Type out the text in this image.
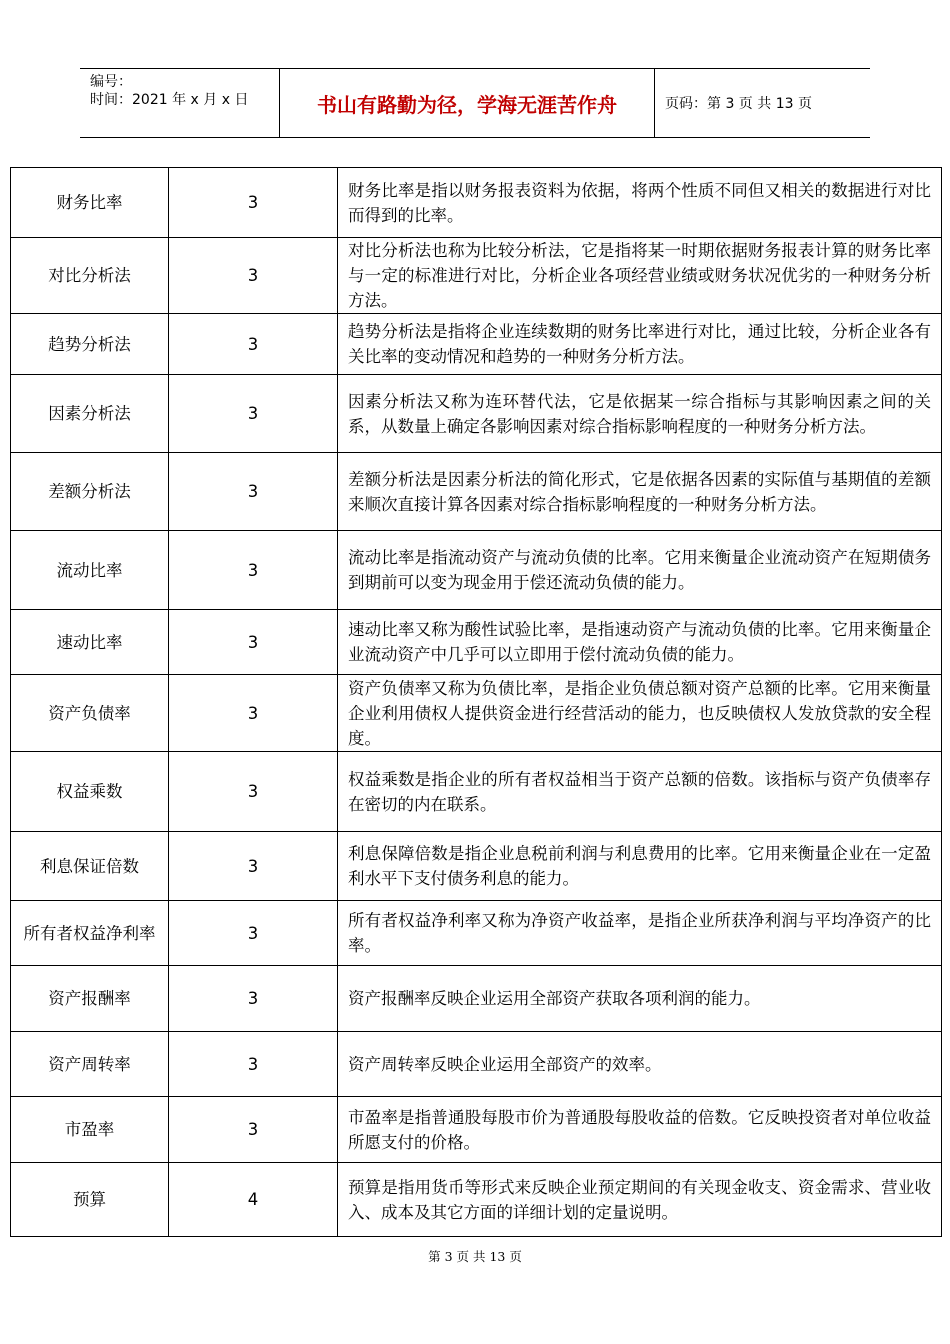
编号：
时间：2021 年 x 月 x 日	书山有路勤为径，学海无涯苦作舟	页码：第 3 页 共 13 页
财务比率	3	财务比率是指以财务报表资料为依据，将两个性质不同但又相关的数据进行对比而得到的比率。
对比分析法	3	对比分析法也称为比较分析法，它是指将某一时期依据财务报表计算的财务比率与一定的标准进行对比，分析企业各项经营业绩或财务状况优劣的一种财务分析方法。
趋势分析法	3	趋势分析法是指将企业连续数期的财务比率进行对比，通过比较，分析企业各有关比率的变动情况和趋势的一种财务分析方法。
因素分析法	3	因素分析法又称为连环替代法，它是依据某一综合指标与其影响因素之间的关系，从数量上确定各影响因素对综合指标影响程度的一种财务分析方法。
差额分析法	3	差额分析法是因素分析法的简化形式，它是依据各因素的实际值与基期值的差额来顺次直接计算各因素对综合指标影响程度的一种财务分析方法。
流动比率	3	流动比率是指流动资产与流动负债的比率。它用来衡量企业流动资产在短期债务到期前可以变为现金用于偿还流动负债的能力。
速动比率	3	速动比率又称为酸性试验比率，是指速动资产与流动负债的比率。它用来衡量企业流动资产中几乎可以立即用于偿付流动负债的能力。
资产负债率	3	资产负债率又称为负债比率，是指企业负债总额对资产总额的比率。它用来衡量企业利用债权人提供资金进行经营活动的能力，也反映债权人发放贷款的安全程度。
权益乘数	3	权益乘数是指企业的所有者权益相当于资产总额的倍数。该指标与资产负债率存在密切的内在联系。
利息保证倍数	3	利息保障倍数是指企业息税前利润与利息费用的比率。它用来衡量企业在一定盈利水平下支付债务利息的能力。
所有者权益净利率	3	所有者权益净利率又称为净资产收益率，是指企业所获净利润与平均净资产的比率。
资产报酬率	3	资产报酬率反映企业运用全部资产获取各项利润的能力。
资产周转率	3	资产周转率反映企业运用全部资产的效率。
市盈率	3	市盈率是指普通股每股市价为普通股每股收益的倍数。它反映投资者对单位收益所愿支付的价格。
预算	4	预算是指用货币等形式来反映企业预定期间的有关现金收支、资金需求、营业收入、成本及其它方面的详细计划的定量说明。
第 3 页 共 13 页
